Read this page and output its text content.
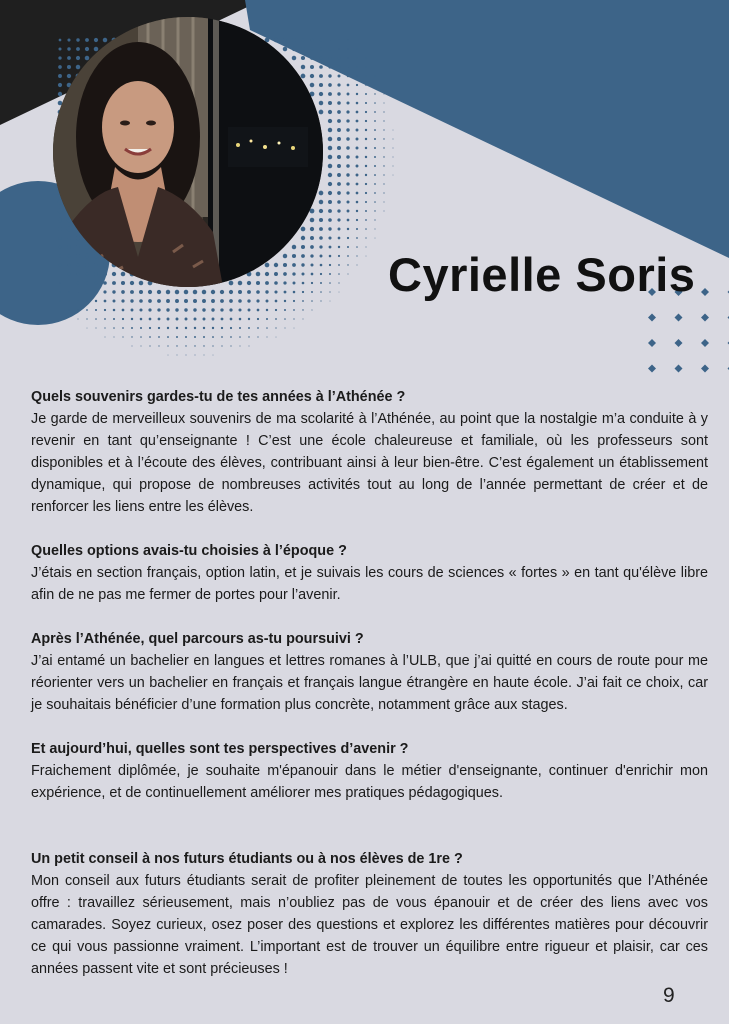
Cyrielle Soris
Quels souvenirs gardes-tu de tes années à l’Athénée ?
Je garde de merveilleux souvenirs de ma scolarité à l’Athénée, au point que la nostalgie m’a conduite à y revenir en tant qu’enseignante ! C’est une école chaleureuse et familiale, où les professeurs sont disponibles et à l’écoute des élèves, contribuant ainsi à leur bien-être. C’est également un établissement dynamique, qui propose de nombreuses activités tout au long de l’année permettant de créer et de renforcer les liens entre les élèves.
Quelles options avais-tu choisies à l’époque ?
J’étais en section français, option latin, et je suivais les cours de sciences « fortes » en tant qu'élève libre afin de ne pas me fermer de portes pour l’avenir.
Après l’Athénée, quel parcours as-tu poursuivi ?
J’ai entamé un bachelier en langues et lettres romanes à l’ULB, que j’ai quitté en cours de route pour me réorienter vers un bachelier en français et français langue étrangère en haute école. J’ai fait ce choix, car je souhaitais bénéficier d’une formation plus concrète, notamment grâce aux stages.
Et aujourd’hui, quelles sont tes perspectives d’avenir ?
Fraichement diplômée, je souhaite m'épanouir dans le métier d'enseignante, continuer d'enrichir mon expérience, et de continuellement améliorer mes pratiques pédagogiques.
Un petit conseil à nos futurs étudiants ou à nos élèves de 1re ?
Mon conseil aux futurs étudiants serait de profiter pleinement de toutes les opportunités que l’Athénée offre : travaillez sérieusement, mais n’oubliez pas de vous épanouir et de créer des liens avec vos camarades. Soyez curieux, osez poser des questions et explorez les différentes matières pour découvrir ce qui vous passionne vraiment. L’important est de trouver un équilibre entre rigueur et plaisir, car ces années passent vite et sont précieuses !
9
